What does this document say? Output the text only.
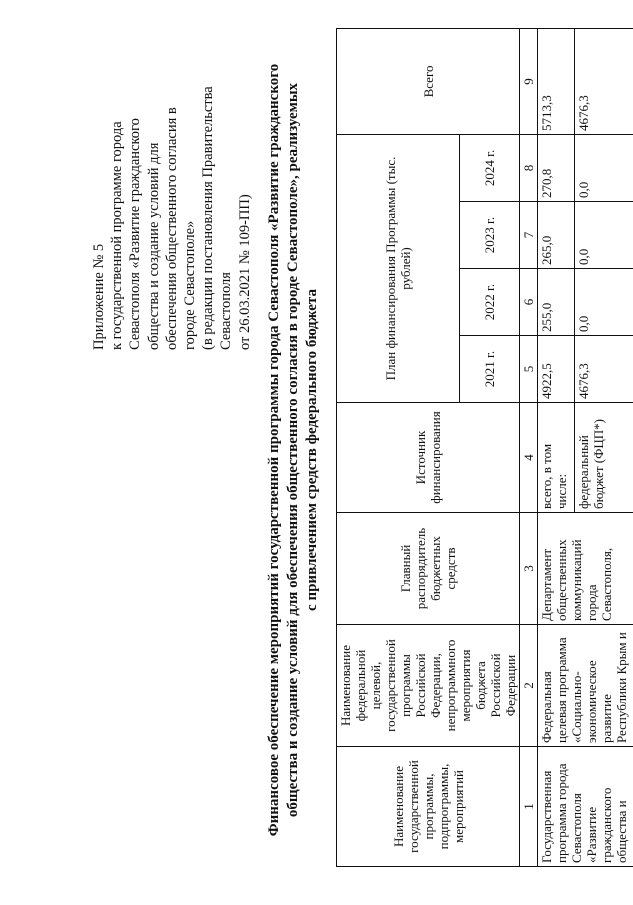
Приложение № 5 к государственной программе города Севастополя «Развитие гражданского общества и создание условий для обеспечения общественного согласия в городе Севастополе» (в редакции постановления Правительства Севастополя от 26.03.2021 № 109-ПП) Финансовое обеспечение мероприятий государственной программы города Севастополя «Развитие гражданского общества и создание условий для обеспечения общественного согласия в городе Севастополе», реализуемых с привлечением средств федерального бюджета
Наименование государственной программы, подпрограммы, мероприятий	Наименование федеральной целевой, государственной программы Российской Федерации, непрограммного мероприятия бюджета Российской Федерации	Главный распорядитель бюджетных средств	Источник финансирования	План финансирования Программы (тыс. рублей)				Всего
				2021 г.	2022 г.	2023 г.	2024 г.	
1	2	3	4	5	6	7	8	9
Государственная программа города Севастополя «Развитие гражданского общества и	Федеральная целевая программа «Социально-экономическое развитие Республики Крым и	Департамент общественных коммуникаций города Севастополя,	всего, в том числе:	4922,5	255,0	265,0	270,8	5713,3
			федеральный бюджет (ФЦП*)	4676,3	0,0	0,0	0,0	4676,3
